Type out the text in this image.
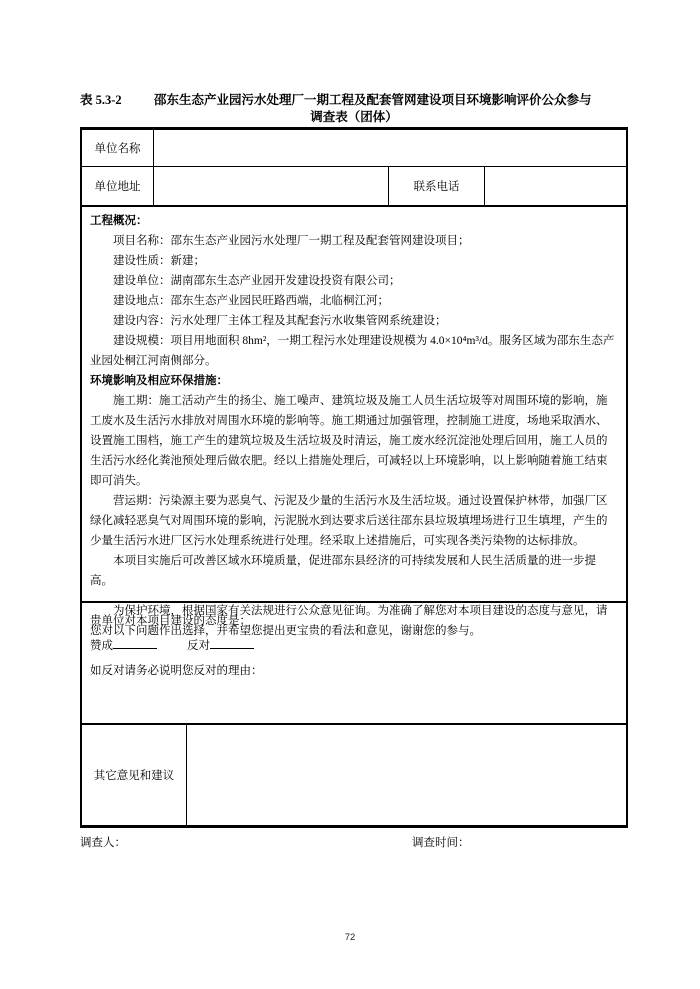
表 5.3-2	邵东生态产业园污水处理厂一期工程及配套管网建设项目环境影响评价公众参与
调查表（团体）
单位名称
单位地址	联系电话

工程概况：

项目名称：邵东生态产业园污水处理厂一期工程及配套管网建设项目；

建设性质：新建；

建设单位：湖南邵东生态产业园开发建设投资有限公司；

建设地点：邵东生态产业园民旺路西端，北临桐江河；

建设内容：污水处理厂主体工程及其配套污水收集管网系统建设；

建设规模：项目用地面积 8hm²，一期工程污水处理建设规模为 4.0×10⁴m³/d。服务区域为邵东生态产业园处桐江河南侧部分。

环境影响及相应环保措施：

施工期：施工活动产生的扬尘、施工噪声、建筑垃圾及施工人员生活垃圾等对周围环境的影响，施工废水及生活污水排放对周围水环境的影响等。施工期通过加强管理，控制施工进度，场地采取洒水、设置施工围档，施工产生的建筑垃圾及生活垃圾及时清运，施工废水经沉淀池处理后回用，施工人员的生活污水经化粪池预处理后做农肥。经以上措施处理后，可减轻以上环境影响，以上影响随着施工结束即可消失。

营运期：污染源主要为恶臭气、污泥及少量的生活污水及生活垃圾。通过设置保护林带，加强厂区绿化减轻恶臭气对周围环境的影响，污泥脱水到达要求后送往邵东县垃圾填埋场进行卫生填埋，产生的少量生活污水进厂区污水处理系统进行处理。经采取上述措施后，可实现各类污染物的达标排放。

本项目实施后可改善区域水环境质量，促进邵东县经济的可持续发展和人民生活质量的进一步提高。

为保护环境，根据国家有关法规进行公众意见征询。为准确了解您对本项目建设的态度与意见，请您对以下问题作出选择，并希望您提出更宝贵的看法和意见，谢谢您的参与。

贵单位对本项目建设的态度是：

赞成	反对

如反对请务必说明您反对的理由：

其它意见和建议
调查人：	调查时间：
72
